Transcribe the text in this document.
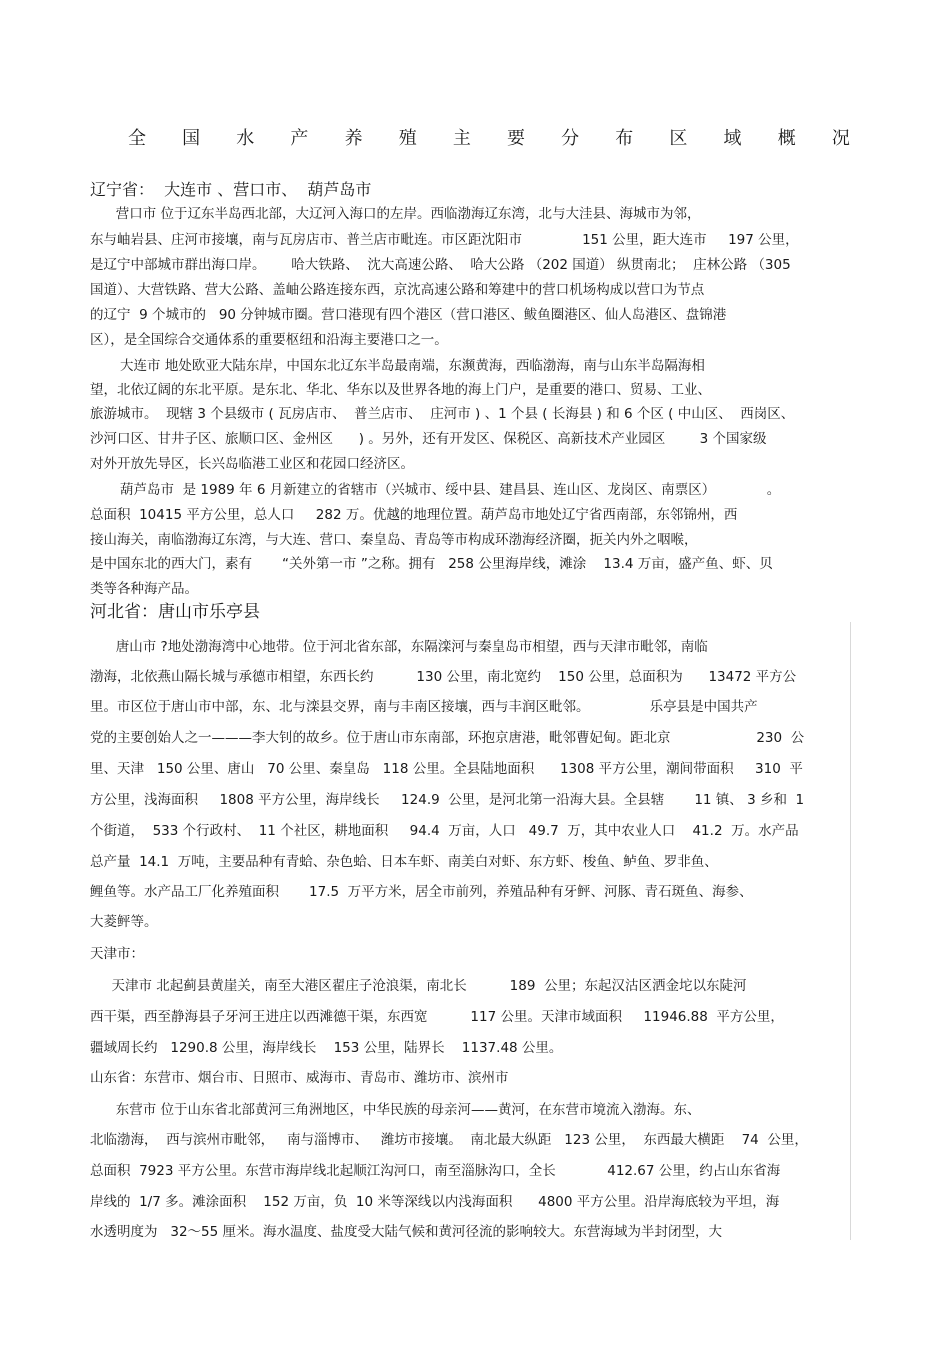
全 国 水 产 养 殖 主 要 分 布 区 域 概 况
辽宁省：  大连市 、营口市、  葫芦岛市
营口市 位于辽东半岛西北部，大辽河入海口的左岸。西临渤海辽东湾，北与大洼县、海城市为邻，
东与岫岩县、庄河市接壤，南与瓦房店市、普兰店市毗连。市区距沈阳市              151 公里，距大连市     197 公里，
是辽宁中部城市群出海口岸。      哈大铁路、  沈大高速公路、  哈大公路 （202 国道） 纵贯南北；  庄林公路 （305
国道）、大营铁路、营大公路、盖岫公路连接东西，京沈高速公路和筹建中的营口机场构成以营口为节点
的辽宁  9 个城市的   90 分钟城市圈。营口港现有四个港区（营口港区、鲅鱼圈港区、仙人岛港区、盘锦港
区），是全国综合交通体系的重要枢纽和沿海主要港口之一。
大连市 地处欧亚大陆东岸，中国东北辽东半岛最南端，东濒黄海，西临渤海，南与山东半岛隔海相
望，北依辽阔的东北平原。是东北、华北、华东以及世界各地的海上门户，是重要的港口、贸易、工业、
旅游城市。  现辖 3 个县级市 ( 瓦房店市、  普兰店市、  庄河市 ) 、1 个县 ( 长海县 ) 和 6 个区 ( 中山区、  西岗区、
沙河口区、甘井子区、旅顺口区、金州区      ) 。另外，还有开发区、保税区、高新技术产业园区        3 个国家级
对外开放先导区，长兴岛临港工业区和花园口经济区。
葫芦岛市  是 1989 年 6 月新建立的省辖市（兴城市、绥中县、建昌县、连山区、龙岗区、南票区）            。
总面积  10415 平方公里，总人口     282 万。优越的地理位置。葫芦岛市地处辽宁省西南部，东邻锦州，西
接山海关，南临渤海辽东湾，与大连、营口、秦皇岛、青岛等市构成环渤海经济圈，扼关内外之咽喉，
是中国东北的西大门，素有       “关外第一市 ”之称。拥有   258 公里海岸线，滩涂    13.4 万亩，盛产鱼、虾、贝
类等各种海产品。
河北省：唐山市乐亭县
唐山市 ?地处渤海湾中心地带。位于河北省东部，东隔滦河与秦皇岛市相望，西与天津市毗邻，南临
渤海，北依燕山隔长城与承德市相望，东西长约          130 公里，南北宽约    150 公里，总面积为      13472 平方公
里。市区位于唐山市中部，东、北与滦县交界，南与丰南区接壤，西与丰润区毗邻。              乐亭县是中国共产
党的主要创始人之一———李大钊的故乡。位于唐山市东南部，环抱京唐港，毗邻曹妃甸。距北京                    230  公
里、天津   150 公里、唐山   70 公里、秦皇岛   118 公里。全县陆地面积      1308 平方公里，潮间带面积     310  平
方公里，浅海面积     1808 平方公里，海岸线长     124.9  公里，是河北第一沿海大县。全县辖       11 镇、 3 乡和  1
个街道，  533 个行政村、  11 个社区，耕地面积     94.4  万亩，人口   49.7  万，其中农业人口    41.2  万。水产品
总产量  14.1  万吨，主要品种有青蛤、杂色蛤、日本车虾、南美白对虾、东方虾、梭鱼、鲈鱼、罗非鱼、
鲤鱼等。水产品工厂化养殖面积       17.5  万平方米，居全市前列，养殖品种有牙鲆、河豚、青石斑鱼、海参、
大菱鲆等。
天津市：
天津市 北起蓟县黄崖关，南至大港区翟庄子沧浪渠，南北长          189  公里；东起汉沽区洒金坨以东陡河
西干渠，西至静海县子牙河王进庄以西滩德干渠，东西宽          117 公里。天津市域面积     11946.88  平方公里，
疆域周长约   1290.8 公里，海岸线长    153 公里，陆界长    1137.48 公里。
山东省：东营市、烟台市、日照市、威海市、青岛市、潍坊市、滨州市
东营市 位于山东省北部黄河三角洲地区，中华民族的母亲河——黄河，在东营市境流入渤海。东、
北临渤海，  西与滨州市毗邻，   南与淄博市、   潍坊市接壤。  南北最大纵距   123 公里，  东西最大横距    74  公里，
总面积  7923 平方公里。东营市海岸线北起顺江沟河口，南至淄脉沟口，全长            412.67 公里，约占山东省海
岸线的  1/7 多。滩涂面积    152 万亩，负  10 米等深线以内浅海面积      4800 平方公里。沿岸海底较为平坦，海
水透明度为   32～55 厘米。海水温度、盐度受大陆气候和黄河径流的影响较大。东营海域为半封闭型，大
